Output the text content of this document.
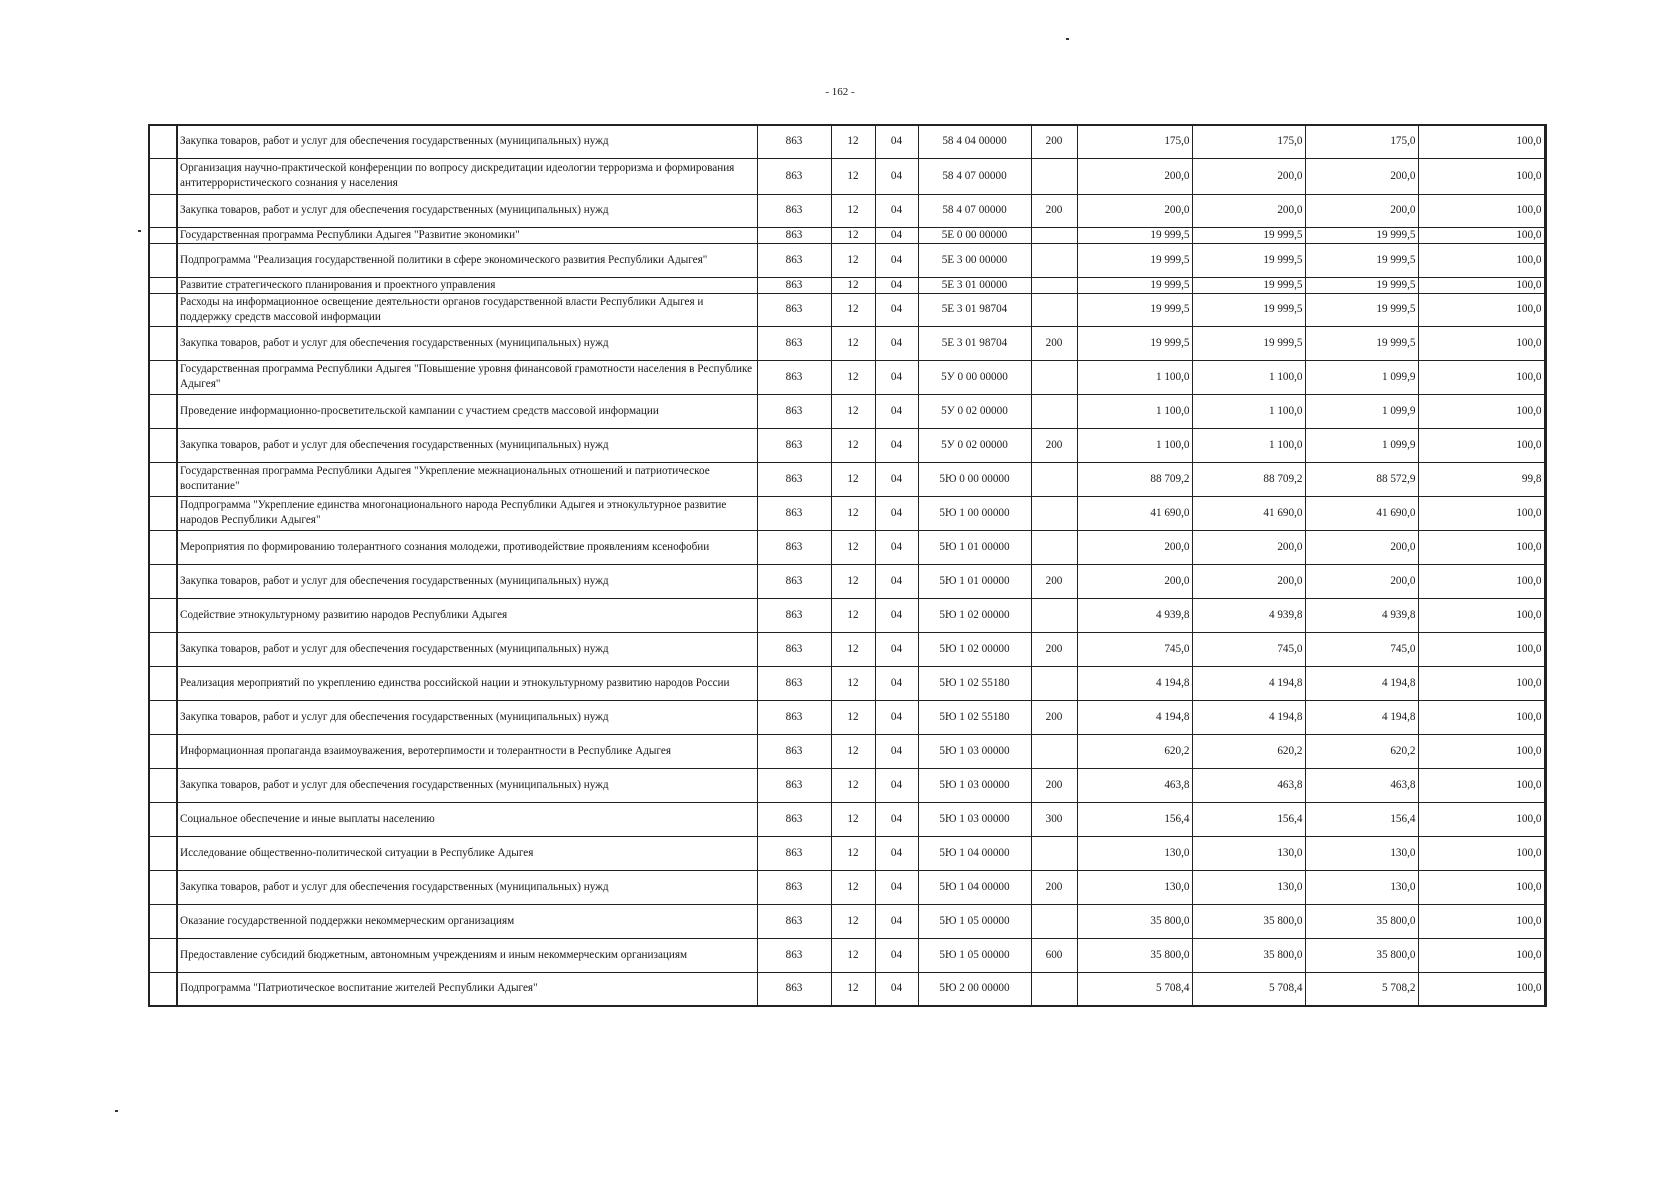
- 162 -
	Закупка товаров, работ и услуг для обеспечения государственных (муниципальных) нужд	863	12	04	58 4 04 00000	200	175,0	175,0	175,0	100,0
	Организация научно-практической конференции по вопросу дискредитации идеологии терроризма и формирования антитеррористического сознания у населения	863	12	04	58 4 07 00000		200,0	200,0	200,0	100,0
	Закупка товаров, работ и услуг для обеспечения государственных (муниципальных) нужд	863	12	04	58 4 07 00000	200	200,0	200,0	200,0	100,0
	Государственная программа Республики Адыгея "Развитие экономики"	863	12	04	5Е 0 00 00000		19 999,5	19 999,5	19 999,5	100,0
	Подпрограмма "Реализация государственной политики в сфере экономического развития Республики Адыгея"	863	12	04	5Е 3 00 00000		19 999,5	19 999,5	19 999,5	100,0
	Развитие стратегического планирования и проектного управления	863	12	04	5Е 3 01 00000		19 999,5	19 999,5	19 999,5	100,0
	Расходы на информационное освещение деятельности органов государственной власти Республики Адыгея и поддержку средств массовой информации	863	12	04	5Е 3 01 98704		19 999,5	19 999,5	19 999,5	100,0
	Закупка товаров, работ и услуг для обеспечения государственных (муниципальных) нужд	863	12	04	5Е 3 01 98704	200	19 999,5	19 999,5	19 999,5	100,0
	Государственная программа Республики Адыгея "Повышение уровня финансовой грамотности населения в Республике Адыгея"	863	12	04	5У 0 00 00000		1 100,0	1 100,0	1 099,9	100,0
	Проведение информационно-просветительской кампании с участием средств массовой информации	863	12	04	5У 0 02 00000		1 100,0	1 100,0	1 099,9	100,0
	Закупка товаров, работ и услуг для обеспечения государственных (муниципальных) нужд	863	12	04	5У 0 02 00000	200	1 100,0	1 100,0	1 099,9	100,0
	Государственная программа Республики Адыгея "Укрепление межнациональных отношений и патриотическое воспитание"	863	12	04	5Ю 0 00 00000		88 709,2	88 709,2	88 572,9	99,8
	Подпрограмма "Укрепление единства многонационального народа Республики Адыгея и этнокультурное развитие народов Республики Адыгея"	863	12	04	5Ю 1 00 00000		41 690,0	41 690,0	41 690,0	100,0
	Мероприятия по формированию толерантного сознания молодежи, противодействие проявлениям ксенофобии	863	12	04	5Ю 1 01 00000		200,0	200,0	200,0	100,0
	Закупка товаров, работ и услуг для обеспечения государственных (муниципальных) нужд	863	12	04	5Ю 1 01 00000	200	200,0	200,0	200,0	100,0
	Содействие этнокультурному развитию народов Республики Адыгея	863	12	04	5Ю 1 02 00000		4 939,8	4 939,8	4 939,8	100,0
	Закупка товаров, работ и услуг для обеспечения государственных (муниципальных) нужд	863	12	04	5Ю 1 02 00000	200	745,0	745,0	745,0	100,0
	Реализация мероприятий по укреплению единства российской нации и этнокультурному развитию народов России	863	12	04	5Ю 1 02 55180		4 194,8	4 194,8	4 194,8	100,0
	Закупка товаров, работ и услуг для обеспечения государственных (муниципальных) нужд	863	12	04	5Ю 1 02 55180	200	4 194,8	4 194,8	4 194,8	100,0
	Информационная пропаганда взаимоуважения, веротерпимости и толерантности в Республике Адыгея	863	12	04	5Ю 1 03 00000		620,2	620,2	620,2	100,0
	Закупка товаров, работ и услуг для обеспечения государственных (муниципальных) нужд	863	12	04	5Ю 1 03 00000	200	463,8	463,8	463,8	100,0
	Социальное обеспечение и иные выплаты населению	863	12	04	5Ю 1 03 00000	300	156,4	156,4	156,4	100,0
	Исследование общественно-политической ситуации в Республике Адыгея	863	12	04	5Ю 1 04 00000		130,0	130,0	130,0	100,0
	Закупка товаров, работ и услуг для обеспечения государственных (муниципальных) нужд	863	12	04	5Ю 1 04 00000	200	130,0	130,0	130,0	100,0
	Оказание государственной поддержки некоммерческим организациям	863	12	04	5Ю 1 05 00000		35 800,0	35 800,0	35 800,0	100,0
	Предоставление субсидий бюджетным, автономным учреждениям и иным некоммерческим организациям	863	12	04	5Ю 1 05 00000	600	35 800,0	35 800,0	35 800,0	100,0
	Подпрограмма "Патриотическое воспитание жителей Республики Адыгея"	863	12	04	5Ю 2 00 00000		5 708,4	5 708,4	5 708,2	100,0
